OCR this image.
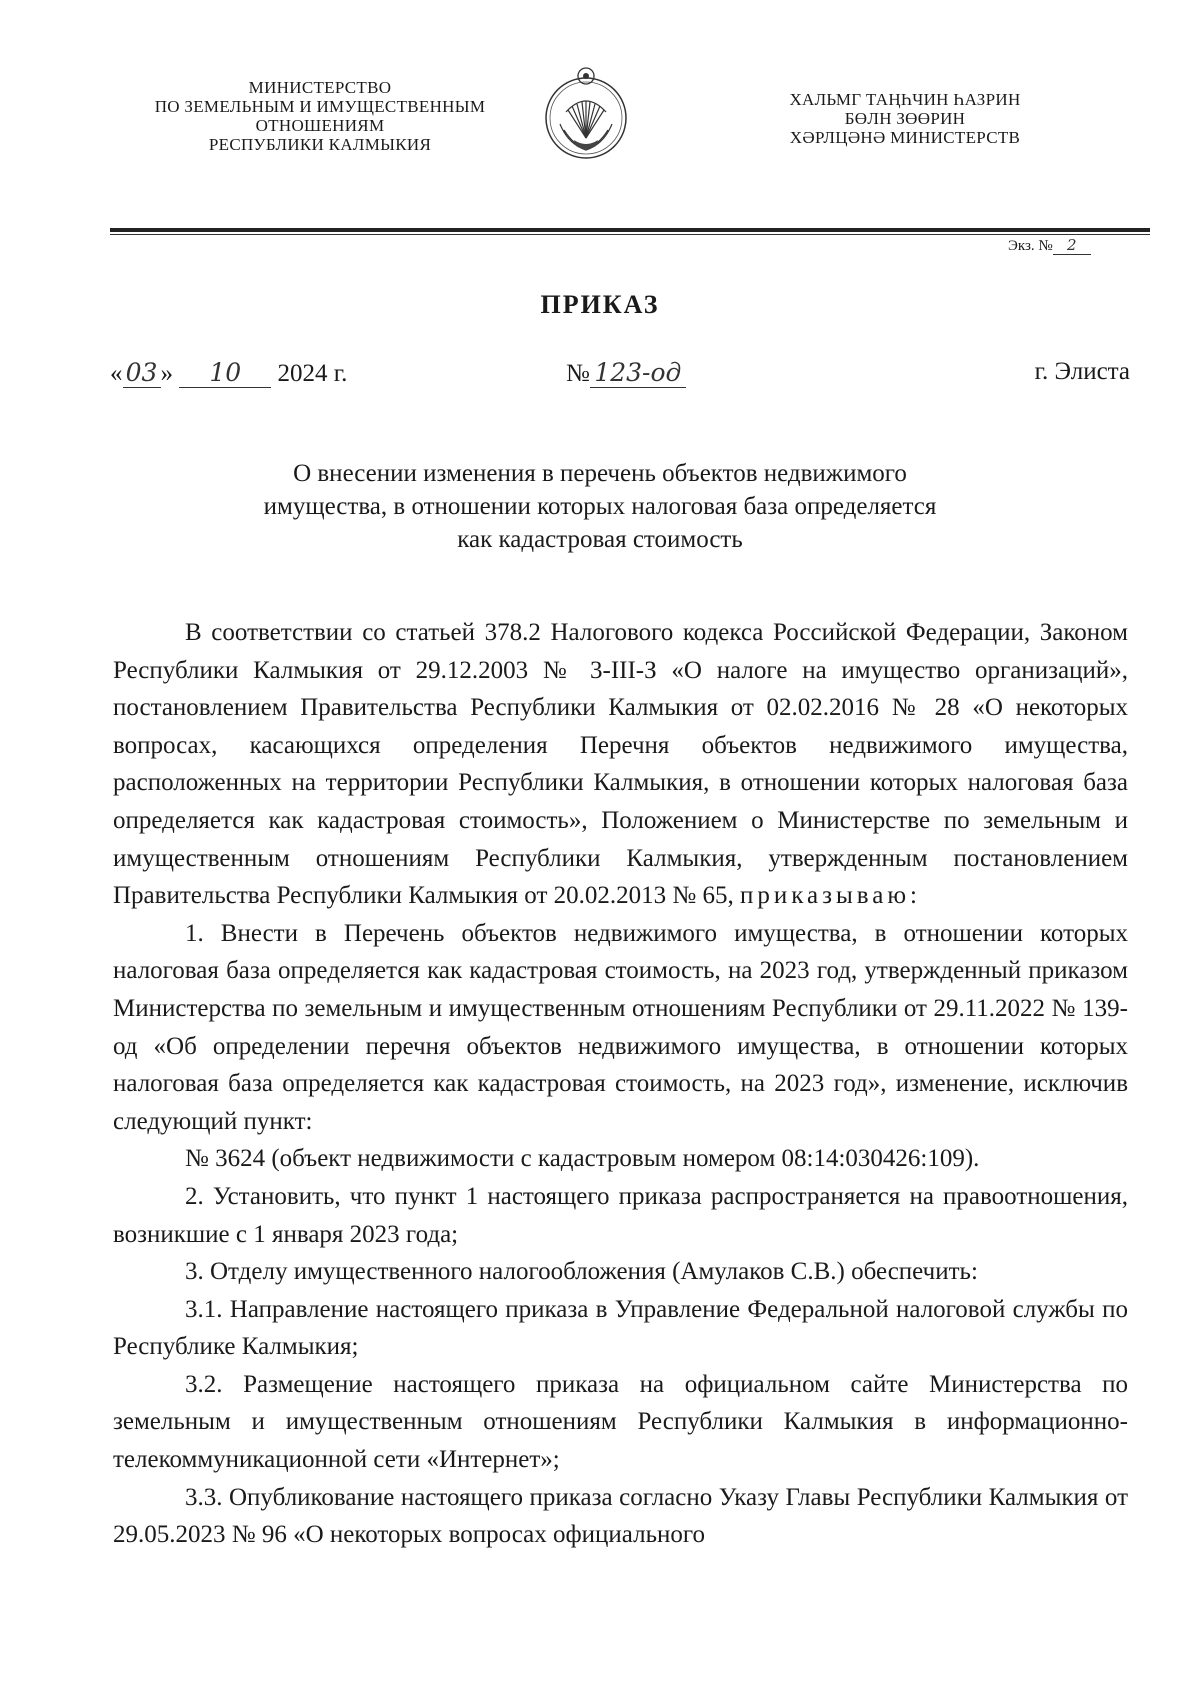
МИНИСТЕРСТВО
ПО ЗЕМЕЛЬНЫМ И ИМУЩЕСТВЕННЫМ
ОТНОШЕНИЯМ
РЕСПУБЛИКИ КАЛМЫКИЯ
ХАЛЬМГ ТАҢҺЧИН ҺАЗРИН
БӨЛН ЗӨӨРИН
ХӘРЛЦӘНӘ МИНИСТЕРСТВ
Экз. № 2
ПРИКАЗ
« 03 » 10 2024 г.	№ 123-од	г. Элиста
О внесении изменения в перечень объектов недвижимого
имущества, в отношении которых налоговая база определяется
как кадастровая стоимость

В соответствии со статьей 378.2 Налогового кодекса Российской Федерации, Законом Республики Калмыкия от 29.12.2003 № 3-III-З «О налоге на имущество организаций», постановлением Правительства Республики Калмыкия от 02.02.2016 № 28 «О некоторых вопросах, касающихся определения Перечня объектов недвижимого имущества, расположенных на территории Республики Калмыкия, в отношении которых налоговая база определяется как кадастровая стоимость», Положением о Министерстве по земельным и имущественным отношениям Республики Калмыкия, утвержденным постановлением Правительства Республики Калмыкия от 20.02.2013 № 65, приказываю:

1. Внести в Перечень объектов недвижимого имущества, в отношении которых налоговая база определяется как кадастровая стоимость, на 2023 год, утвержденный приказом Министерства по земельным и имущественным отношениям Республики от 29.11.2022 № 139-од «Об определении перечня объектов недвижимого имущества, в отношении которых налоговая база определяется как кадастровая стоимость, на 2023 год», изменение, исключив следующий пункт:

№ 3624 (объект недвижимости с кадастровым номером 08:14:030426:109).

2. Установить, что пункт 1 настоящего приказа распространяется на правоотношения, возникшие с 1 января 2023 года;

3. Отделу имущественного налогообложения (Амулаков С.В.) обеспечить:

3.1. Направление настоящего приказа в Управление Федеральной налоговой службы по Республике Калмыкия;

3.2. Размещение настоящего приказа на официальном сайте Министерства по земельным и имущественным отношениям Республики Калмыкия в информационно-телекоммуникационной сети «Интернет»;

3.3. Опубликование настоящего приказа согласно Указу Главы Республики Калмыкия от 29.05.2023 № 96 «О некоторых вопросах официального
